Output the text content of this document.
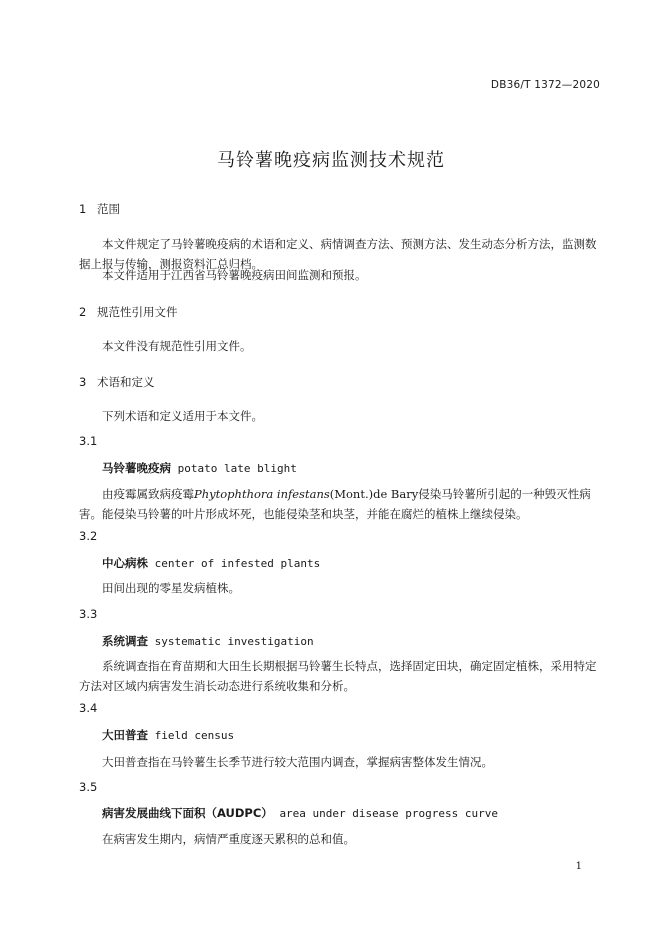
DB36/T 1372—2020
马铃薯晚疫病监测技术规范
1 范围
本文件规定了马铃薯晚疫病的术语和定义、病情调查方法、预测方法、发生动态分析方法，监测数据上报与传输，测报资料汇总归档。
本文件适用于江西省马铃薯晚疫病田间监测和预报。
2 规范性引用文件
本文件没有规范性引用文件。
3 术语和定义
下列术语和定义适用于本文件。
3.1
马铃薯晚疫病 potato late blight
由疫霉属致病疫霉Phytophthora infestans(Mont.)de Bary侵染马铃薯所引起的一种毁灭性病害。能侵染马铃薯的叶片形成坏死，也能侵染茎和块茎，并能在腐烂的植株上继续侵染。
3.2
中心病株 center of infested plants
田间出现的零星发病植株。
3.3
系统调查 systematic investigation
系统调查指在育苗期和大田生长期根据马铃薯生长特点，选择固定田块，确定固定植株，采用特定方法对区域内病害发生消长动态进行系统收集和分析。
3.4
大田普查 field census
大田普查指在马铃薯生长季节进行较大范围内调查，掌握病害整体发生情况。
3.5
病害发展曲线下面积（AUDPC） area under disease progress curve
在病害发生期内，病情严重度逐天累积的总和值。
1
